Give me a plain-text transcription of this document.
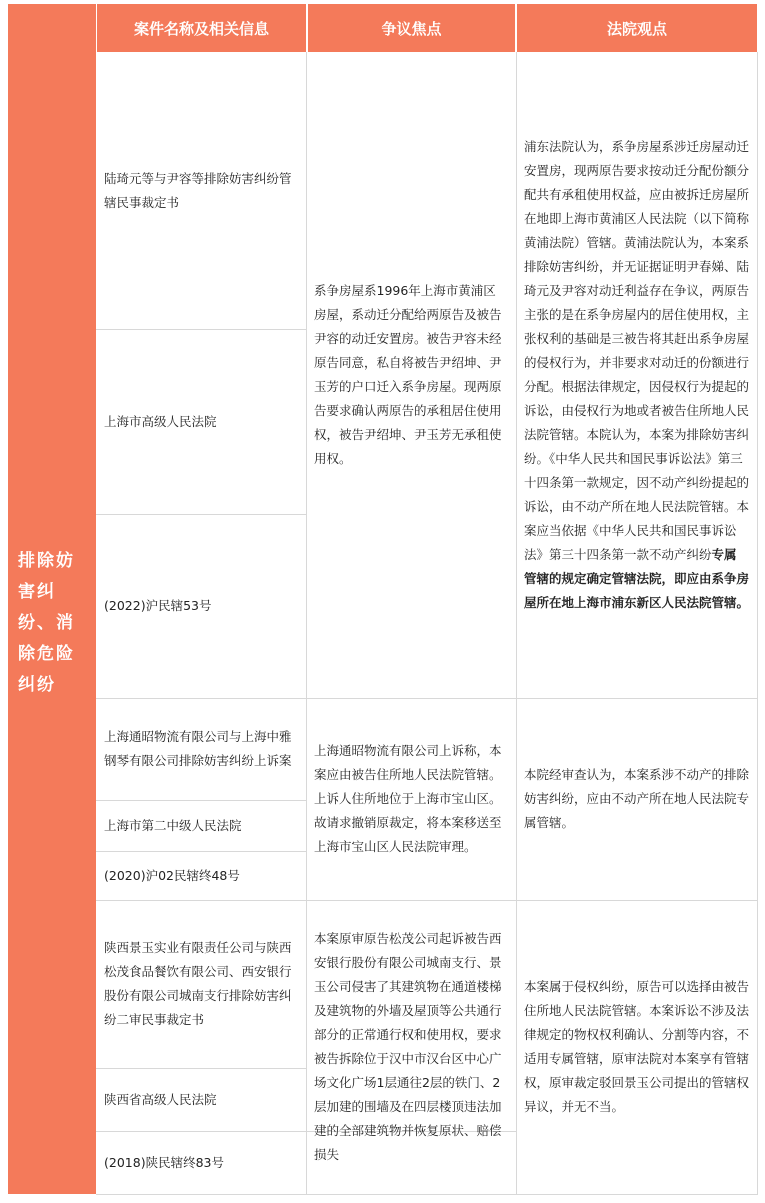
案件名称及相关信息	争议焦点	法院观点
排除妨害纠纷、消除危险纠纷
陆琦元等与尹容等排除妨害纠纷管辖民事裁定书
上海市高级人民法院
(2022)沪民辖53号
系争房屋系1996年上海市黄浦区房屋，系动迁分配给两原告及被告尹容的动迁安置房。被告尹容未经原告同意，私自将被告尹绍坤、尹玉芳的户口迁入系争房屋。现两原告要求确认两原告的承租居住使用权，被告尹绍坤、尹玉芳无承租使用权。
浦东法院认为，系争房屋系涉迁房屋动迁安置房，现两原告要求按动迁分配份额分配共有承租使用权益，应由被拆迁房屋所在地即上海市黄浦区人民法院（以下简称黄浦法院）管辖。黄浦法院认为，本案系排除妨害纠纷，并无证据证明尹春娣、陆琦元及尹容对动迁利益存在争议，两原告主张的是在系争房屋内的居住使用权，主张权利的基础是三被告将其赶出系争房屋的侵权行为，并非要求对动迁的份额进行分配。根据法律规定，因侵权行为提起的诉讼，由侵权行为地或者被告住所地人民法院管辖。本院认为，本案为排除妨害纠纷。《中华人民共和国民事诉讼法》第三十四条第一款规定，因不动产纠纷提起的诉讼，由不动产所在地人民法院管辖。本案应当依据《中华人民共和国民事诉讼法》第三十四条第一款不动产纠纷专属管辖的规定确定管辖法院，即应由系争房屋所在地上海市浦东新区人民法院管辖。
上海通昭物流有限公司与上海中雅钢琴有限公司排除妨害纠纷上诉案
上海市第二中级人民法院
(2020)沪02民辖终48号
上海通昭物流有限公司上诉称，本案应由被告住所地人民法院管辖。上诉人住所地位于上海市宝山区。故请求撤销原裁定，将本案移送至上海市宝山区人民法院审理。
本院经审查认为，本案系涉不动产的排除妨害纠纷，应由不动产所在地人民法院专属管辖。
陕西景玉实业有限责任公司与陕西松茂食品餐饮有限公司、西安银行股份有限公司城南支行排除妨害纠纷二审民事裁定书
陕西省高级人民法院
(2018)陕民辖终83号
本案原审原告松茂公司起诉被告西安银行股份有限公司城南支行、景玉公司侵害了其建筑物在通道楼梯及建筑物的外墙及屋顶等公共通行部分的正常通行权和使用权，要求被告拆除位于汉中市汉台区中心广场文化广场1层通往2层的铁门、2层加建的围墙及在四层楼顶违法加建的全部建筑物并恢复原状、赔偿损失
本案属于侵权纠纷，原告可以选择由被告住所地人民法院管辖。本案诉讼不涉及法律规定的物权权利确认、分割等内容，不适用专属管辖，原审法院对本案享有管辖权，原审裁定驳回景玉公司提出的管辖权异议，并无不当。
